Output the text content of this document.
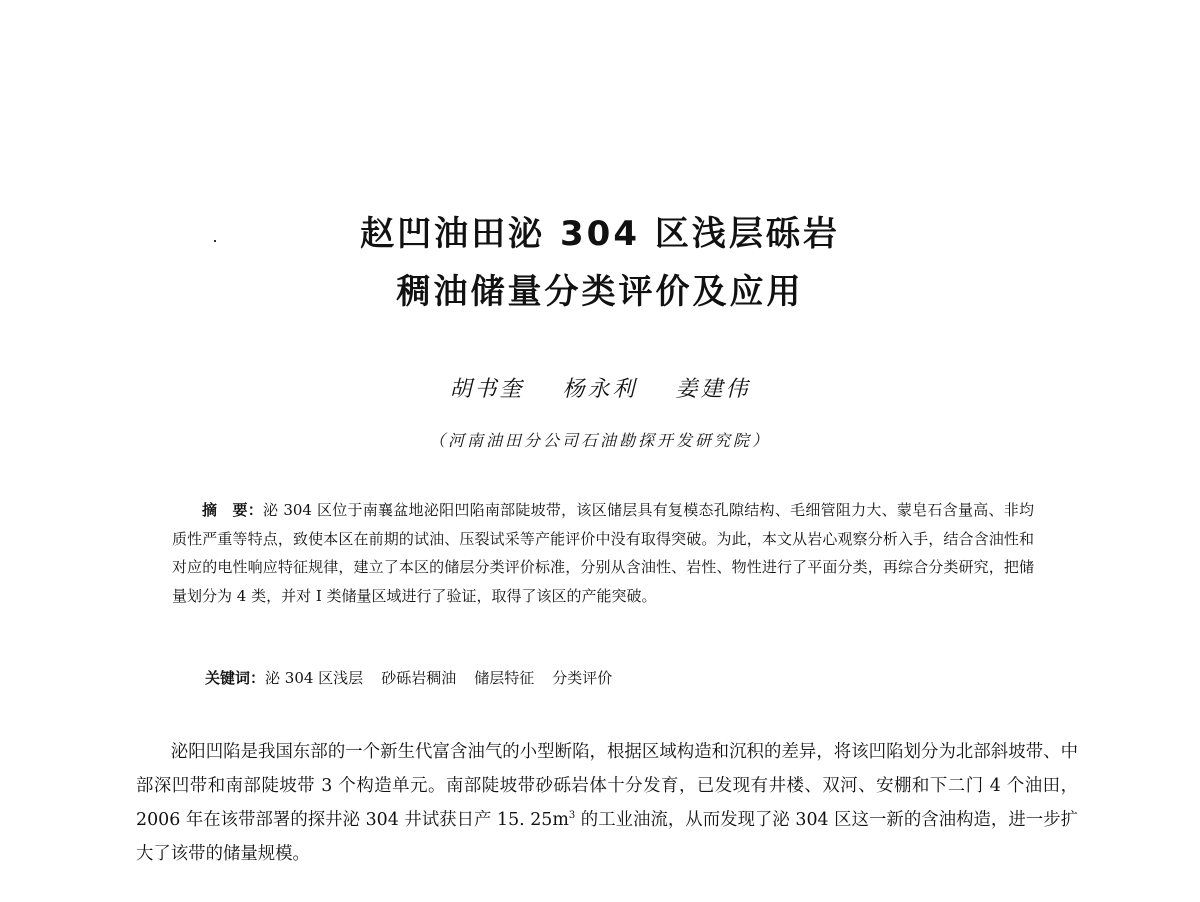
赵凹油田泌 304 区浅层砾岩
稠油储量分类评价及应用
胡书奎 杨永利 姜建伟
（河南油田分公司石油勘探开发研究院）
摘　要：泌 304 区位于南襄盆地泌阳凹陷南部陡坡带，该区储层具有复模态孔隙结构、毛细管阻力大、蒙皂石含量高、非均质性严重等特点，致使本区在前期的试油、压裂试采等产能评价中没有取得突破。为此，本文从岩心观察分析入手，结合含油性和对应的电性响应特征规律，建立了本区的储层分类评价标准，分别从含油性、岩性、物性进行了平面分类，再综合分类研究，把储量划分为 4 类，并对 Ⅰ 类储量区域进行了验证，取得了该区的产能突破。
关键词：泌 304 区浅层 砂砾岩稠油 储层特征 分类评价
泌阳凹陷是我国东部的一个新生代富含油气的小型断陷，根据区域构造和沉积的差异，将该凹陷划分为北部斜坡带、中部深凹带和南部陡坡带 3 个构造单元。南部陡坡带砂砾岩体十分发育，已发现有井楼、双河、安棚和下二门 4 个油田，2006 年在该带部署的探井泌 304 井试获日产 15. $25m^3$ 的工业油流，从而发现了泌 304 区这一新的含油构造，进一步扩大了该带的储量规模。
